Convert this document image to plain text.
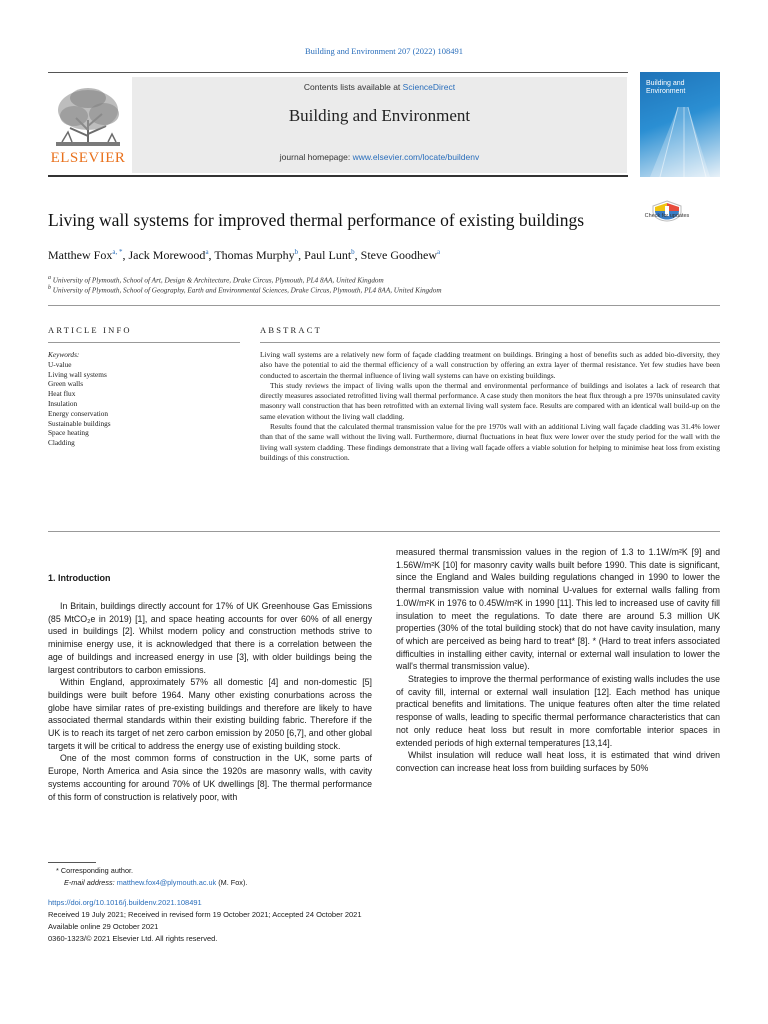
Building and Environment 207 (2022) 108491
ELSEVIER
Contents lists available at ScienceDirect
Building and Environment
journal homepage: www.elsevier.com/locate/buildenv
Building and Environment
Living wall systems for improved thermal performance of existing buildings	Check for updates
Matthew Fox$^{a, *}$, Jack Morewood$^a$, Thomas Murphy$^b$, Paul Lunt$^b$, Steve Goodhew$^a$
$^a$ University of Plymouth, School of Art, Design & Architecture, Drake Circus, Plymouth, PL4 8AA, United Kingdom
$^b$ University of Plymouth, School of Geography, Earth and Environmental Sciences, Drake Circus, Plymouth, PL4 8AA, United Kingdom
ARTICLE INFO	ABSTRACT
Keywords:
U-value
Living wall systems
Green walls
Heat flux
Insulation
Energy conservation
Sustainable buildings
Space heating
Cladding

Living wall systems are a relatively new form of façade cladding treatment on buildings. Bringing a host of benefits such as added bio-diversity, they also have the potential to aid the thermal efficiency of a wall construction by offering an extra layer of thermal resistance. Yet few studies have been conducted to ascertain the thermal influence of living wall systems can have on existing buildings.

This study reviews the impact of living walls upon the thermal and environmental performance of buildings and isolates a lack of research that directly measures associated retrofitted living wall thermal performance. A case study then monitors the heat flux through a pre 1970s uninsulated cavity masonry wall construction that has been retrofitted with an external living wall system face. Results are compared with an identical wall build-up on the same elevation without the living wall cladding.

Results found that the calculated thermal transmission value for the pre 1970s wall with an additional Living wall façade cladding was 31.4% lower than that of the same wall without the living wall. Furthermore, diurnal fluctuations in heat flux were lower over the study period for the wall with the living wall system cladding. These findings demonstrate that a living wall façade offers a viable solution for helping to minimise heat loss from existing buildings of this construction.

1. Introduction

In Britain, buildings directly account for 17% of UK Greenhouse Gas Emissions (85 MtCO₂e in 2019) [1], and space heating accounts for over 60% of all energy used in buildings [2]. Whilst modern policy and construction methods strive to minimise energy use, it is acknowledged that there is a correlation between the age of buildings and increased energy in use [3], with older buildings being the largest contributors to carbon emissions.

Within England, approximately 57% all domestic [4] and non-domestic [5] buildings were built before 1964. Many other existing conurbations across the globe have similar rates of pre-existing buildings and therefore are likely to have associated thermal standards within their existing building fabric. Therefore if the UK is to reach its target of net zero carbon emission by 2050 [6,7], and other global targets it will be critical to address the energy use of existing building stock.

One of the most common forms of construction in the UK, some parts of Europe, North America and Asia since the 1920s are masonry walls, with cavity systems accounting for around 70% of UK dwellings [8]. The thermal performance of this form of construction is relatively poor, with

measured thermal transmission values in the region of 1.3 to 1.1W/m²K [9] and 1.56W/m²K [10] for masonry cavity walls built before 1990. This date is significant, since the England and Wales building regulations changed in 1990 to lower the thermal transmission value with nominal U-values for external walls falling from 1.0W/m²K in 1976 to 0.45W/m²K in 1990 [11]. This led to increased use of cavity fill insulation to meet the regulations. To date there are around 5.3 million UK properties (30% of the total building stock) that do not have cavity insulation, many of which are perceived as being hard to treat* [8]. * (Hard to treat infers associated difficulties in installing either cavity, internal or external wall insulation to lower the wall's thermal transmission value).

Strategies to improve the thermal performance of existing walls includes the use of cavity fill, internal or external wall insulation [12]. Each method has unique practical benefits and limitations. The unique features often alter the time related response of walls, leading to specific thermal performance characteristics that can not only reduce heat loss but result in more comfortable interior spaces in extended periods of high external temperatures [13,14].

Whilst insulation will reduce wall heat loss, it is estimated that wind driven convection can increase heat loss from building surfaces by 50%

* Corresponding author.
E-mail address: matthew.fox4@plymouth.ac.uk (M. Fox).
https://doi.org/10.1016/j.buildenv.2021.108491
Received 19 July 2021; Received in revised form 19 October 2021; Accepted 24 October 2021
Available online 29 October 2021
0360-1323/© 2021 Elsevier Ltd. All rights reserved.
